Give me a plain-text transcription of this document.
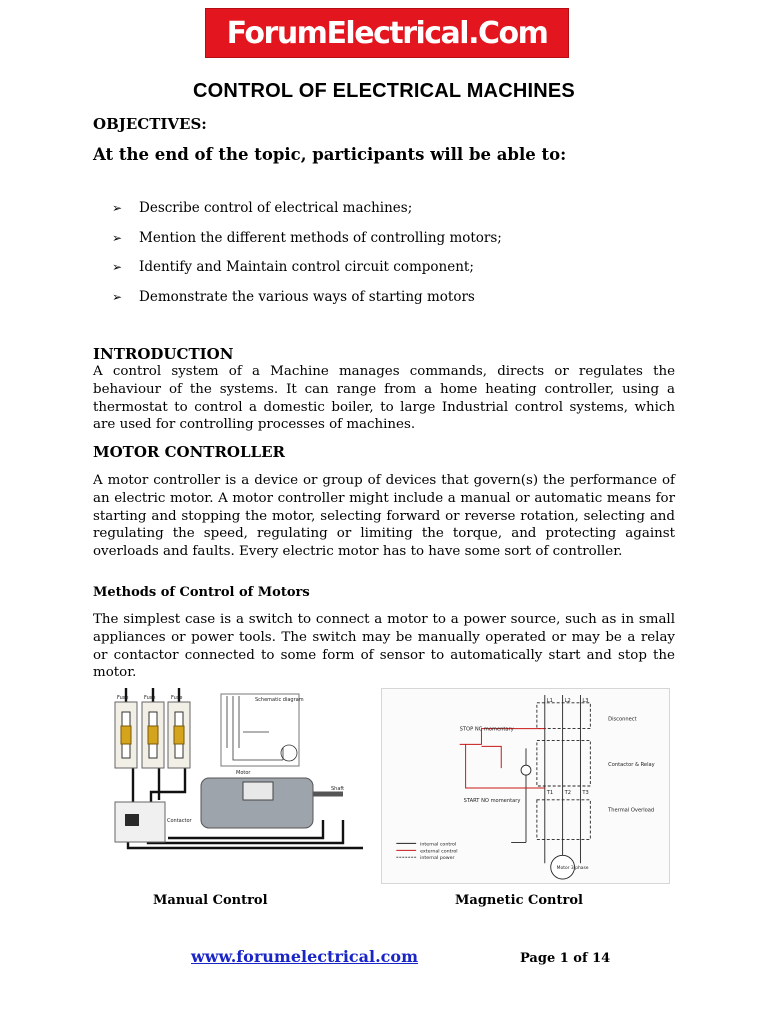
ForumElectrical.Com
CONTROL OF ELECTRICAL MACHINES
OBJECTIVES:
At the end of the topic, participants will be able to:
➢	Describe control of electrical machines;
➢	Mention the different methods of controlling motors;
➢	Identify and Maintain control circuit component;
➢	Demonstrate the various ways of starting motors
INTRODUCTION

A control system of a Machine manages commands, directs or regulates the behaviour of the systems. It can range from a home heating controller, using a thermostat to control a domestic boiler, to large Industrial control systems, which are used for controlling processes of machines.

MOTOR CONTROLLER

A motor controller is a device or group of devices that govern(s) the performance of an electric motor. A motor controller might include a manual or automatic means for starting and stopping the motor, selecting forward or reverse rotation, selecting and regulating the speed, regulating or limiting the torque, and protecting against overloads and faults. Every electric motor has to have some sort of controller.

Methods of Control of Motors

The simplest case is a switch to connect a motor to a power source, such as in small appliances or power tools. The switch may be manually operated or may be a relay or contactor connected to some form of sensor to automatically start and stop the motor.

Fuse	Fuse	Fuse	Schematic diagram
Contactor
Motor
Shaft
L1 L2 L3
Disconnect
STOP NC momentary
START NO momentary
Contactor & Relay
Thermal Overload
T1 T2 T3
Motor 3 phase
internal control
external control
internal power
Manual Control	Magnetic Control
www.forumelectrical.com	Page 1 of 14
